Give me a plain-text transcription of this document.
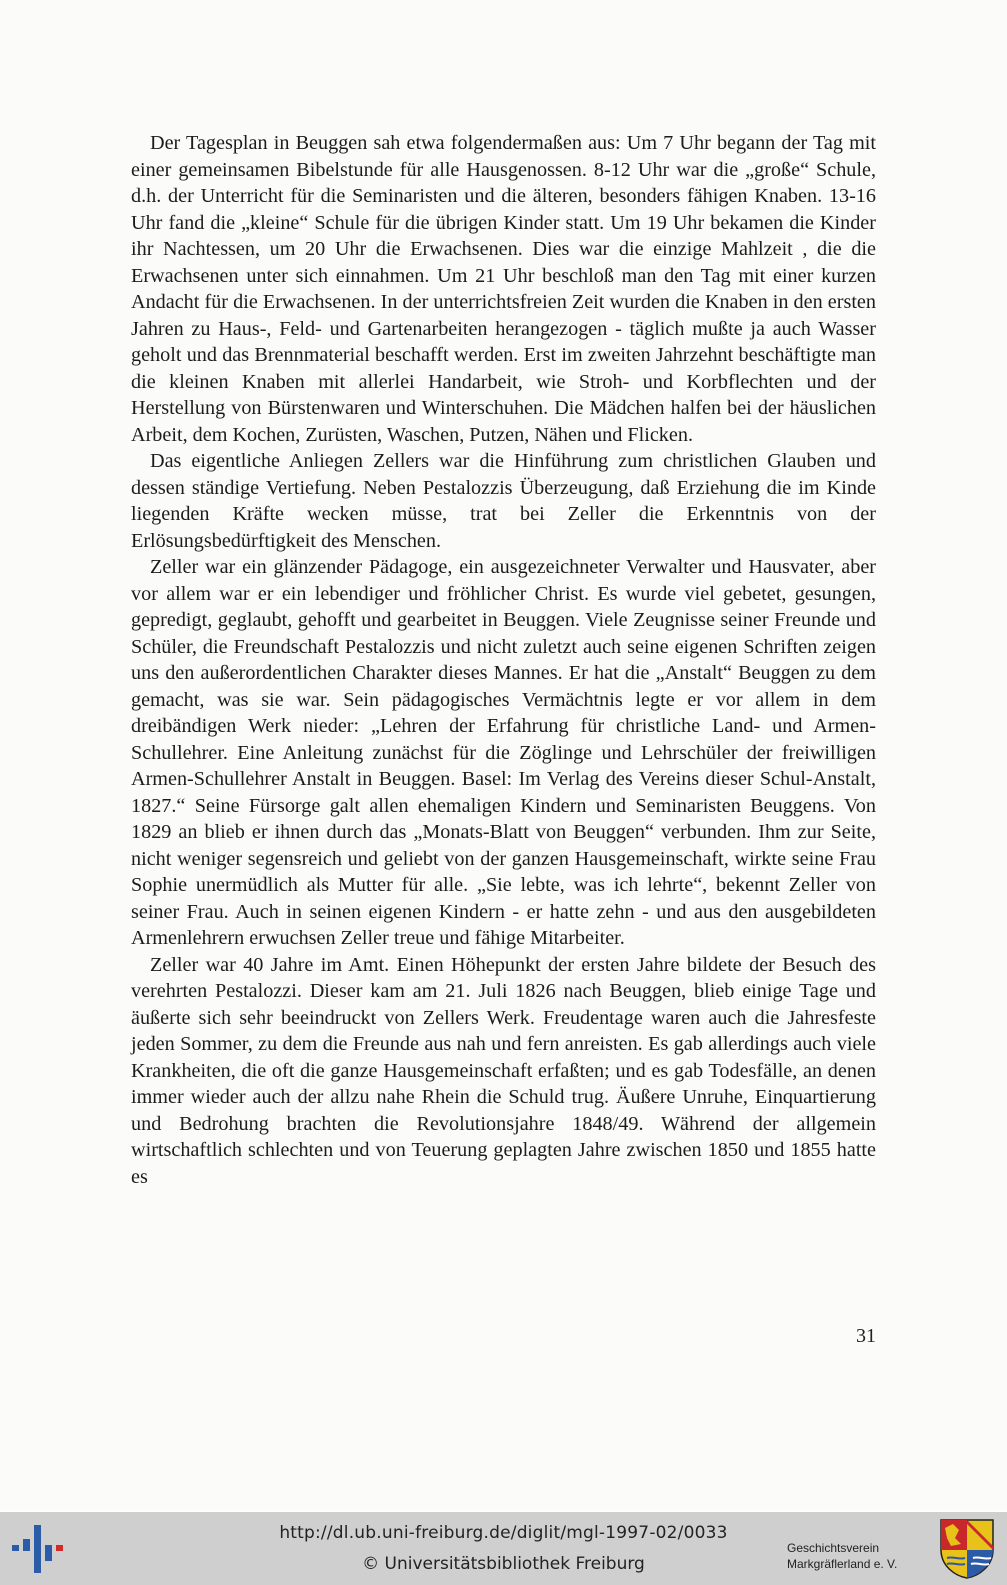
Der Tagesplan in Beuggen sah etwa folgendermaßen aus: Um 7 Uhr begann der Tag mit einer gemeinsamen Bibelstunde für alle Hausgenossen. 8-12 Uhr war die „große“ Schule, d.h. der Unterricht für die Seminaristen und die älteren, besonders fähigen Knaben. 13-16 Uhr fand die „kleine“ Schule für die übrigen Kinder statt. Um 19 Uhr bekamen die Kinder ihr Nachtessen, um 20 Uhr die Erwachsenen. Dies war die einzige Mahlzeit , die die Erwachsenen unter sich einnahmen. Um 21 Uhr beschloß man den Tag mit einer kurzen Andacht für die Erwachsenen. In der unterrichtsfreien Zeit wurden die Knaben in den ersten Jahren zu Haus-, Feld- und Gartenarbeiten herangezogen - täglich mußte ja auch Wasser geholt und das Brennmaterial beschafft werden. Erst im zweiten Jahrzehnt beschäftigte man die kleinen Knaben mit allerlei Handarbeit, wie Stroh- und Korbflechten und der Herstellung von Bürstenwaren und Winterschuhen. Die Mädchen halfen bei der häuslichen Arbeit, dem Kochen, Zurüsten, Waschen, Putzen, Nähen und Flicken.

Das eigentliche Anliegen Zellers war die Hinführung zum christlichen Glauben und dessen ständige Vertiefung. Neben Pestalozzis Überzeugung, daß Erziehung die im Kinde liegenden Kräfte wecken müsse, trat bei Zeller die Erkenntnis von der Erlösungsbedürftigkeit des Menschen.

Zeller war ein glänzender Pädagoge, ein ausgezeichneter Verwalter und Hausvater, aber vor allem war er ein lebendiger und fröhlicher Christ. Es wurde viel gebetet, gesungen, gepredigt, geglaubt, gehofft und gearbeitet in Beuggen. Viele Zeugnisse seiner Freunde und Schüler, die Freundschaft Pestalozzis und nicht zuletzt auch seine eigenen Schriften zeigen uns den außerordentlichen Charakter dieses Mannes. Er hat die „Anstalt“ Beuggen zu dem gemacht, was sie war. Sein pädagogisches Vermächtnis legte er vor allem in dem dreibändigen Werk nieder: „Lehren der Erfahrung für christliche Land- und Armen-Schullehrer. Eine Anleitung zunächst für die Zöglinge und Lehrschüler der freiwilligen Armen-Schullehrer Anstalt in Beuggen. Basel: Im Verlag des Vereins dieser Schul-Anstalt, 1827.“ Seine Fürsorge galt allen ehemaligen Kindern und Seminaristen Beuggens. Von 1829 an blieb er ihnen durch das „Monats-Blatt von Beuggen“ verbunden. Ihm zur Seite, nicht weniger segensreich und geliebt von der ganzen Hausgemeinschaft, wirkte seine Frau Sophie unermüdlich als Mutter für alle. „Sie lebte, was ich lehrte“, bekennt Zeller von seiner Frau. Auch in seinen eigenen Kindern - er hatte zehn - und aus den ausgebildeten Armenlehrern erwuchsen Zeller treue und fähige Mitarbeiter.

Zeller war 40 Jahre im Amt. Einen Höhepunkt der ersten Jahre bildete der Besuch des verehrten Pestalozzi. Dieser kam am 21. Juli 1826 nach Beuggen, blieb einige Tage und äußerte sich sehr beeindruckt von Zellers Werk. Freudentage waren auch die Jahresfeste jeden Sommer, zu dem die Freunde aus nah und fern anreisten. Es gab allerdings auch viele Krankheiten, die oft die ganze Hausgemeinschaft erfaßten; und es gab Todesfälle, an denen immer wieder auch der allzu nahe Rhein die Schuld trug. Äußere Unruhe, Einquartierung und Bedrohung brachten die Revolutionsjahre 1848/49. Während der allgemein wirtschaftlich schlechten und von Teuerung geplagten Jahre zwischen 1850 und 1855 hatte es

31
http://dl.ub.uni-freiburg.de/diglit/mgl-1997-02/0033
© Universitätsbibliothek Freiburg
Geschichtsverein
Markgräflerland e. V.
